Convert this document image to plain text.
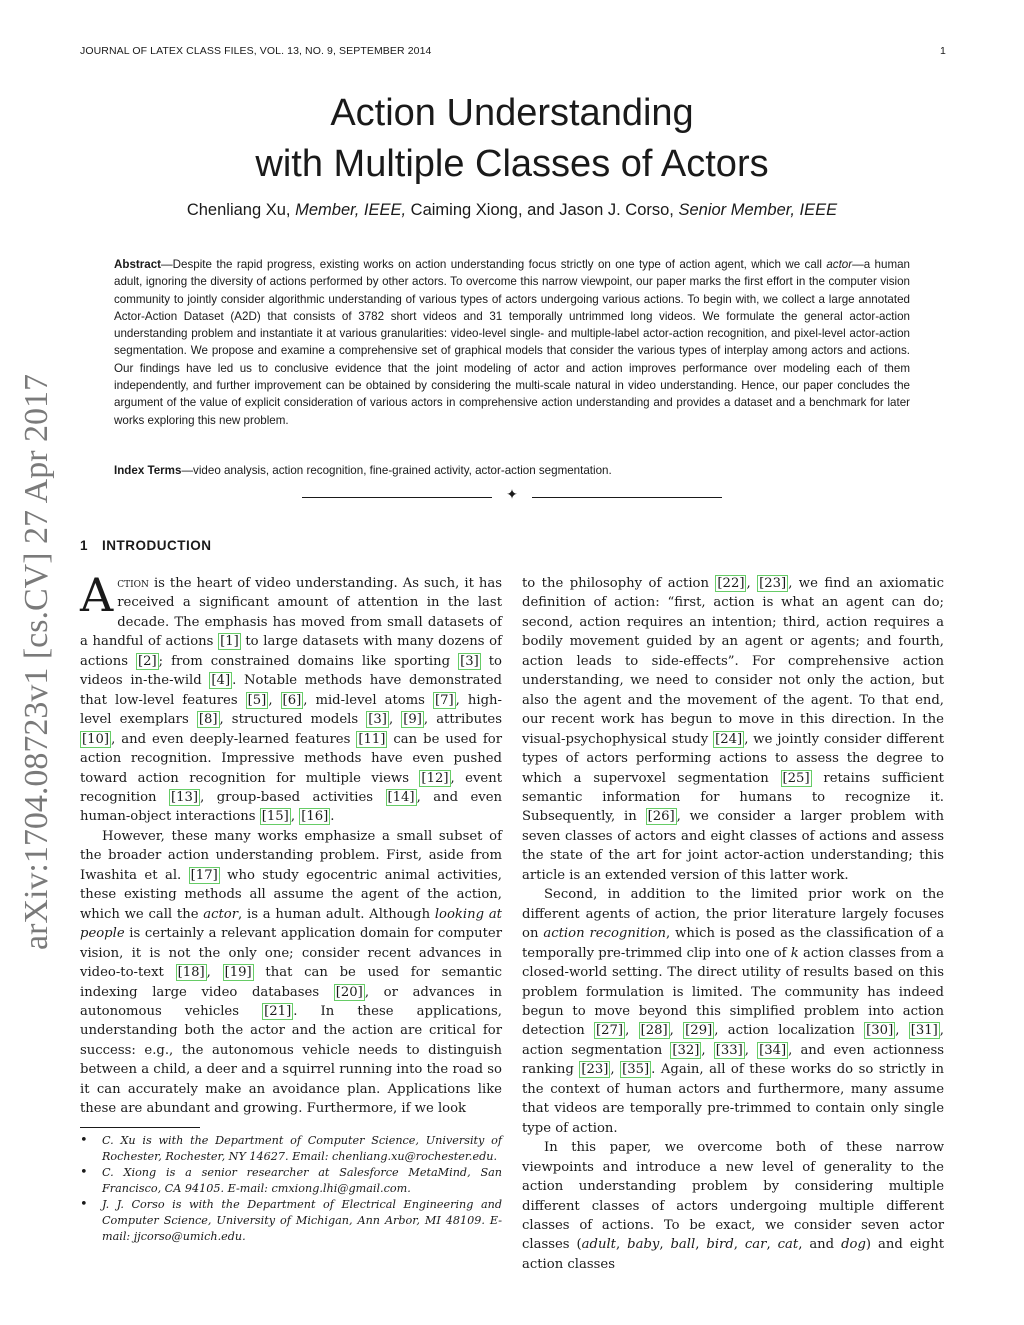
JOURNAL OF LATEX CLASS FILES, VOL. 13, NO. 9, SEPTEMBER 2014	1
arXiv:1704.08723v1 [cs.CV] 27 Apr 2017
Action Understanding
with Multiple Classes of Actors
Chenliang Xu, Member, IEEE, Caiming Xiong, and Jason J. Corso, Senior Member, IEEE
Abstract—Despite the rapid progress, existing works on action understanding focus strictly on one type of action agent, which we call actor—a human adult, ignoring the diversity of actions performed by other actors. To overcome this narrow viewpoint, our paper marks the first effort in the computer vision community to jointly consider algorithmic understanding of various types of actors undergoing various actions. To begin with, we collect a large annotated Actor-Action Dataset (A2D) that consists of 3782 short videos and 31 temporally untrimmed long videos. We formulate the general actor-action understanding problem and instantiate it at various granularities: video-level single- and multiple-label actor-action recognition, and pixel-level actor-action segmentation. We propose and examine a comprehensive set of graphical models that consider the various types of interplay among actors and actions. Our findings have led us to conclusive evidence that the joint modeling of actor and action improves performance over modeling each of them independently, and further improvement can be obtained by considering the multi-scale natural in video understanding. Hence, our paper concludes the argument of the value of explicit consideration of various actors in comprehensive action understanding and provides a dataset and a benchmark for later works exploring this new problem.
Index Terms—video analysis, action recognition, fine-grained activity, actor-action segmentation.
✦
1 INTRODUCTION

Action is the heart of video understanding. As such, it has received a significant amount of attention in the last decade. The emphasis has moved from small datasets of a handful of actions [1] to large datasets with many dozens of actions [2] ; from constrained domains like sporting [3] to videos in-the-wild [4] . Notable methods have demonstrated that low-level features [5] , [6] , mid-level atoms [7] , high-level exemplars [8] , structured models [3] , [9] , attributes [10] , and even deeply-learned features [11] can be used for action recognition. Impressive methods have even pushed toward action recognition for multiple views [12] , event recognition [13] , group-based activities [14] , and even human-object interactions [15] , [16] .

However, these many works emphasize a small subset of the broader action understanding problem. First, aside from Iwashita et al. [17] who study egocentric animal activities, these existing methods all assume the agent of the action, which we call the actor, is a human adult. Although looking at people is certainly a relevant application domain for computer vision, it is not the only one; consider recent advances in video-to-text [18] , [19] that can be used for semantic indexing large video databases [20] , or advances in autonomous vehicles [21] . In these applications, understanding both the actor and the action are critical for success: e.g., the autonomous vehicle needs to distinguish between a child, a deer and a squirrel running into the road so it can accurately make an avoidance plan. Applications like these are abundant and growing. Furthermore, if we look

• C. Xu is with the Department of Computer Science, University of Rochester, Rochester, NY 14627. Email: chenliang.xu@rochester.edu.
• C. Xiong is a senior researcher at Salesforce MetaMind, San Francisco, CA 94105. E-mail: cmxiong.lhi@gmail.com.
• J. J. Corso is with the Department of Electrical Engineering and Computer Science, University of Michigan, Ann Arbor, MI 48109. E-mail: jjcorso@umich.edu.

to the philosophy of action [22] , [23] , we find an axiomatic definition of action: “first, action is what an agent can do; second, action requires an intention; third, action requires a bodily movement guided by an agent or agents; and fourth, action leads to side-effects”. For comprehensive action understanding, we need to consider not only the action, but also the agent and the movement of the agent. To that end, our recent work has begun to move in this direction. In the visual-psychophysical study [24] , we jointly consider different types of actors performing actions to assess the degree to which a supervoxel segmentation [25] retains sufficient semantic information for humans to recognize it. Subsequently, in [26] , we consider a larger problem with seven classes of actors and eight classes of actions and assess the state of the art for joint actor-action understanding; this article is an extended version of this latter work.

Second, in addition to the limited prior work on the different agents of action, the prior literature largely focuses on action recognition, which is posed as the classification of a temporally pre-trimmed clip into one of k action classes from a closed-world setting. The direct utility of results based on this problem formulation is limited. The community has indeed begun to move beyond this simplified problem into action detection [27] , [28] , [29] , action localization [30] , [31] , action segmentation [32] , [33] , [34] , and even actionness ranking [23] , [35] . Again, all of these works do so strictly in the context of human actors and furthermore, many assume that videos are temporally pre-trimmed to contain only single type of action.

In this paper, we overcome both of these narrow viewpoints and introduce a new level of generality to the action understanding problem by considering multiple different classes of actors undergoing multiple different classes of actions. To be exact, we consider seven actor classes (adult, baby, ball, bird, car, cat, and dog) and eight action classes
